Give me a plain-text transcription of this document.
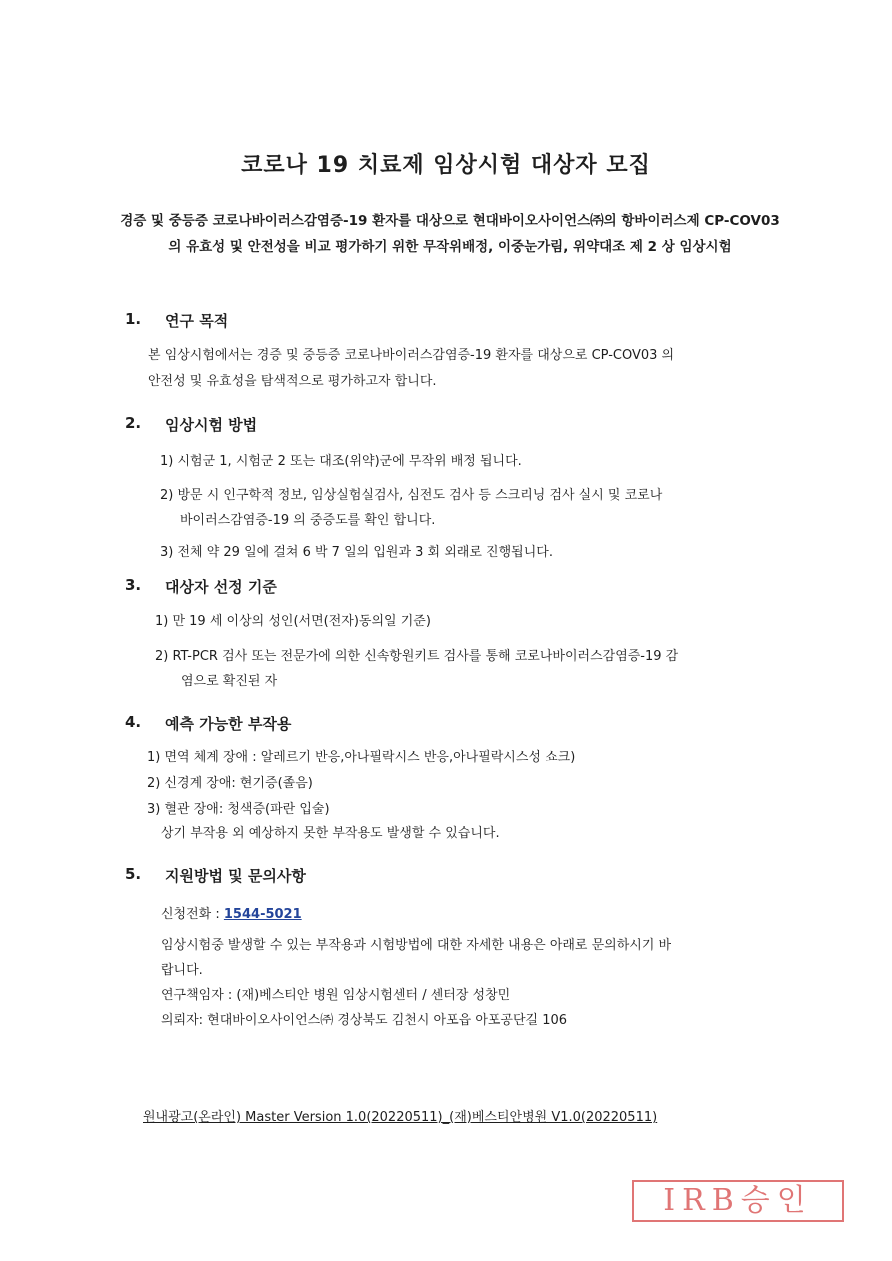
코로나 19 치료제 임상시험 대상자 모집
경증 및 중등증 코로나바이러스감염증-19 환자를 대상으로 현대바이오사이언스㈜의 항바이러스제 CP-COV03의 유효성 및 안전성을 비교 평가하기 위한 무작위배정, 이중눈가림, 위약대조 제 2 상 임상시험
1. 연구 목적
본 임상시험에서는 경증 및 중등증 코로나바이러스감염증-19 환자를 대상으로 CP-COV03 의
안전성 및 유효성을 탐색적으로 평가하고자 합니다.
2. 임상시험 방법
1) 시험군 1, 시험군 2 또는 대조(위약)군에 무작위 배정 됩니다.
2) 방문 시 인구학적 정보, 임상실험실검사, 심전도 검사 등 스크리닝 검사 실시 및 코로나
바이러스감염증-19 의 중증도를 확인 합니다.
3) 전체 약 29 일에 걸쳐 6 박 7 일의 입원과 3 회 외래로 진행됩니다.
3. 대상자 선정 기준
1) 만 19 세 이상의 성인(서면(전자)동의일 기준)
2) RT-PCR 검사 또는 전문가에 의한 신속항원키트 검사를 통해 코로나바이러스감염증-19 감
염으로 확진된 자
4. 예측 가능한 부작용
1) 면역 체계 장애 : 알레르기 반응,아나필락시스 반응,아나필락시스성 쇼크)
2) 신경계 장애: 현기증(졸음)
3) 혈관 장애: 청색증(파란 입술)
상기 부작용 외 예상하지 못한 부작용도 발생할 수 있습니다.
5. 지원방법 및 문의사항
신청전화 : 1544-5021
임상시험중 발생할 수 있는 부작용과 시험방법에 대한 자세한 내용은 아래로 문의하시기 바
랍니다.
연구책임자 : (재)베스티안 병원 임상시험센터 / 센터장 성창민
의뢰자: 현대바이오사이언스㈜ 경상북도 김천시 아포읍 아포공단길 106
원내광고(온라인) Master Version 1.0(20220511)_(재)베스티안병원 V1.0(20220511)
IRB승인
